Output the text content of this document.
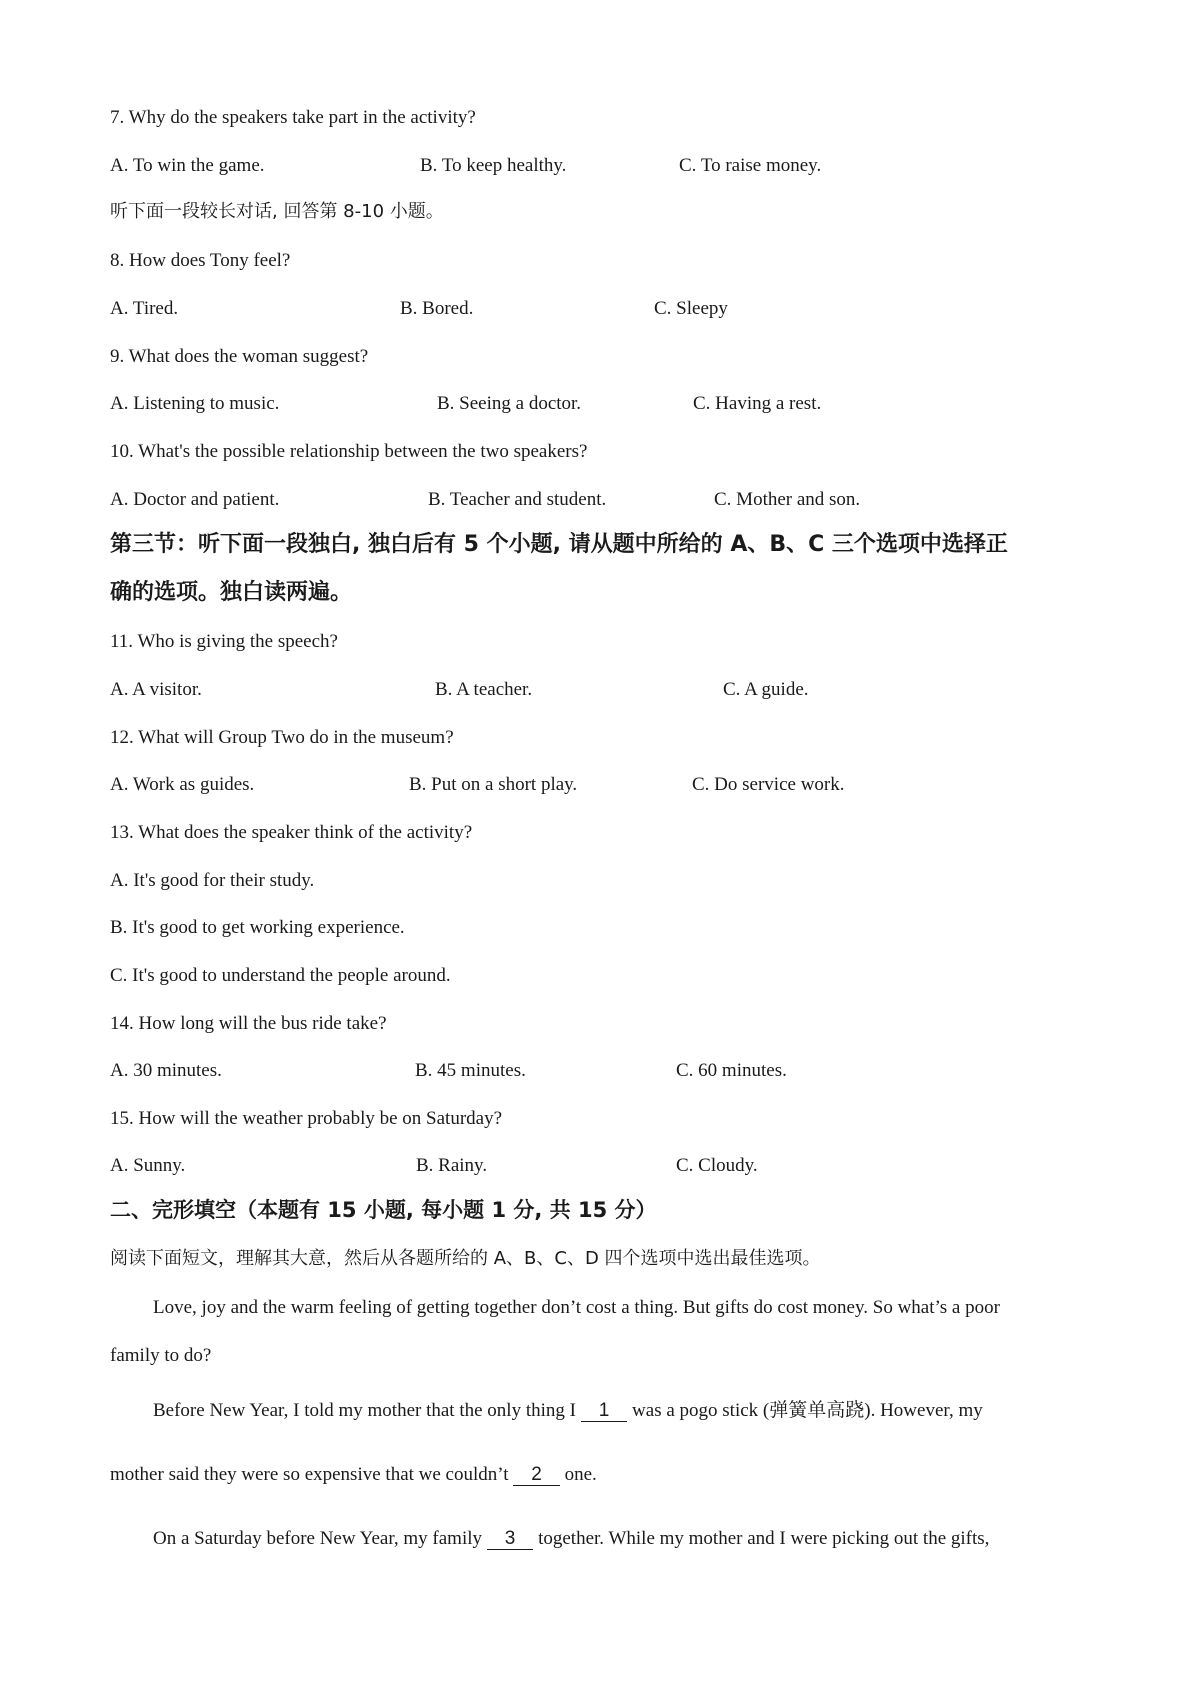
7. Why do the speakers take part in the activity?
A. To win the game.	B. To keep healthy.	C. To raise money.
听下面一段较长对话, 回答第 8-10 小题。
8. How does Tony feel?
A. Tired.	B. Bored.	C. Sleepy
9. What does the woman suggest?
A. Listening to music.	B. Seeing a doctor.	C. Having a rest.
10. What's the possible relationship between the two speakers?
A. Doctor and patient.	B. Teacher and student.	C. Mother and son.
第三节：听下面一段独白, 独白后有 5 个小题, 请从题中所给的 A、B、C 三个选项中选择正
确的选项。独白读两遍。
11. Who is giving the speech?
A. A visitor.	B. A teacher.	C. A guide.
12. What will Group Two do in the museum?
A. Work as guides.	B. Put on a short play.	C. Do service work.
13. What does the speaker think of the activity?
A. It's good for their study.
B. It's good to get working experience.
C. It's good to understand the people around.
14. How long will the bus ride take?
A. 30 minutes.	B. 45 minutes.	C. 60 minutes.
15. How will the weather probably be on Saturday?
A. Sunny.	B. Rainy.	C. Cloudy.
二、完形填空（本题有 15 小题, 每小题 1 分, 共 15 分）
阅读下面短文，理解其大意，然后从各题所给的 A、B、C、D 四个选项中选出最佳选项。
Love, joy and the warm feeling of getting together don’t cost a thing. But gifts do cost money. So what’s a poor
family to do?
Before New Year, I told my mother that the only thing I 1 was a pogo stick (弹簧单高跷). However, my
mother said they were so expensive that we couldn’t 2 one.
On a Saturday before New Year, my family 3 together. While my mother and I were picking out the gifts,
